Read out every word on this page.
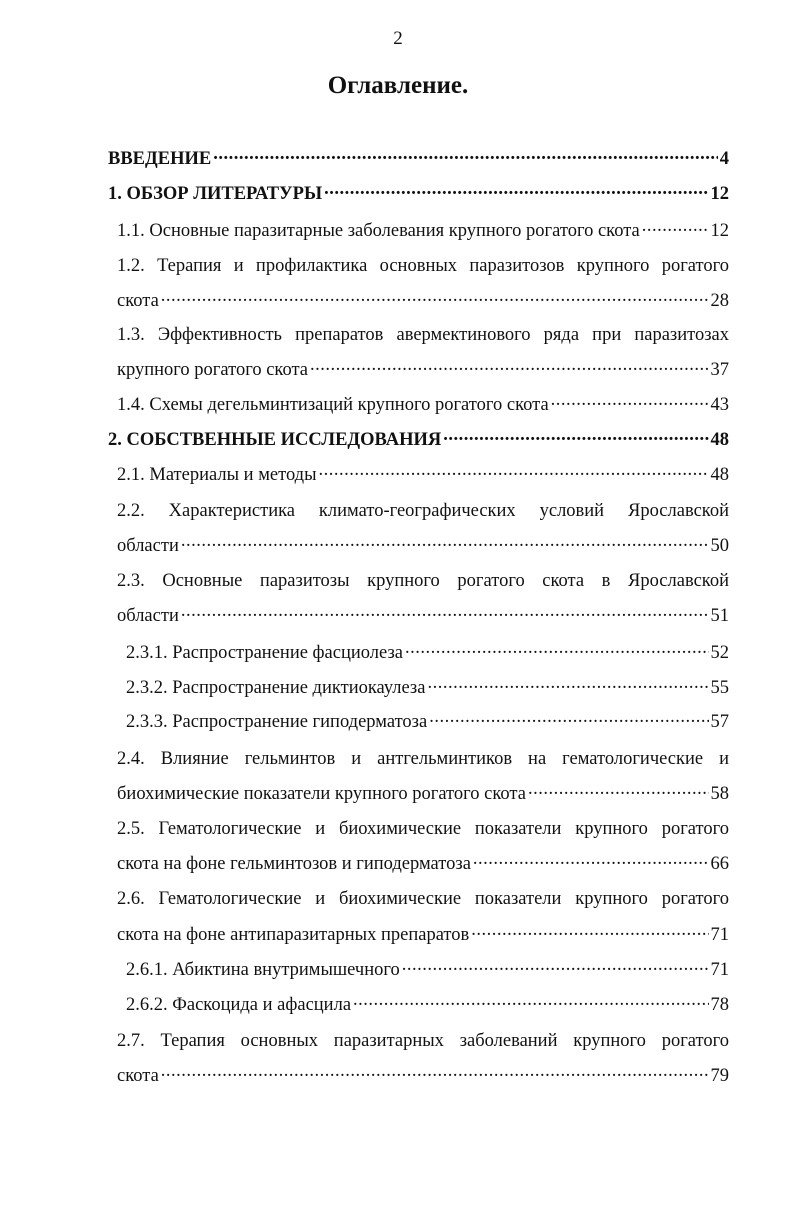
2
Оглавление.
ВВЕДЕНИЕ .....	4
1. ОБЗОР ЛИТЕРАТУРЫ .....	12
1.1. Основные паразитарные заболевания крупного рогатого скота .....	12
1.2. Терапия и профилактика основных паразитозов крупного рогатого
скота .....	28
1.3. Эффективность препаратов авермектинового ряда при паразитозах
крупного рогатого скота .....	37
1.4. Схемы дегельминтизаций крупного рогатого скота .....	43
2. СОБСТВЕННЫЕ ИССЛЕДОВАНИЯ .....	48
2.1. Материалы и методы .....	48
2.2. Характеристика климато-географических условий Ярославской
области .....	50
2.3. Основные паразитозы крупного рогатого скота в Ярославской
области .....	51
2.3.1. Распространение фасциолеза .....	52
2.3.2. Распространение диктиокаулеза .....	55
2.3.3. Распространение гиподерматоза .....	57
2.4. Влияние гельминтов и антгельминтиков на гематологические и
биохимические показатели крупного рогатого скота .....	58
2.5. Гематологические и биохимические показатели крупного рогатого
скота на фоне гельминтозов и гиподерматоза .....	66
2.6. Гематологические и биохимические показатели крупного рогатого
скота на фоне антипаразитарных препаратов .....	71
2.6.1. Абиктина внутримышечного .....	71
2.6.2. Фаскоцида и афасцила .....	78
2.7. Терапия основных паразитарных заболеваний крупного рогатого
скота .....	79
